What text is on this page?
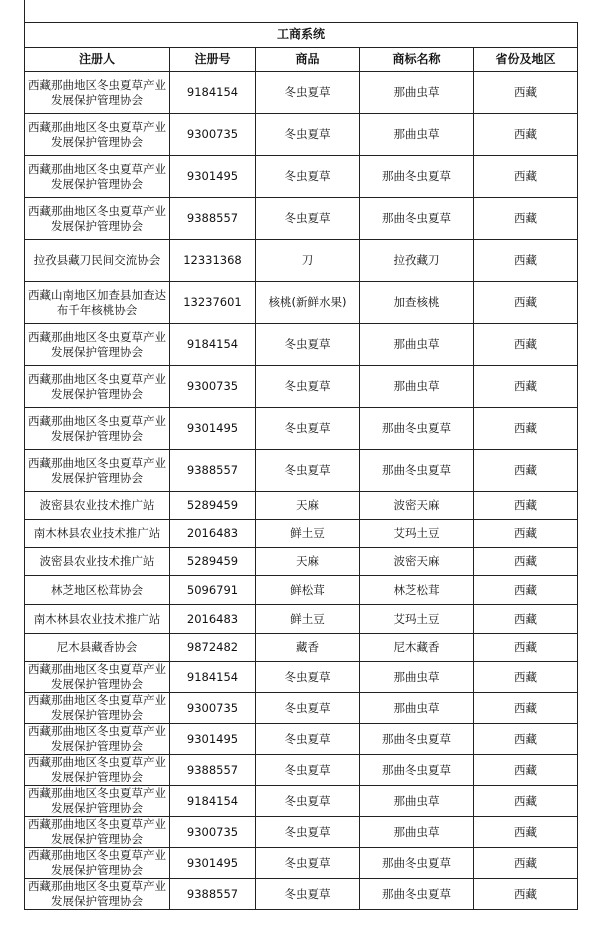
工商系统				
注册人	注册号	商品	商标名称	省份及地区
西藏那曲地区冬虫夏草产业发展保护管理协会	9184154	冬虫夏草	那曲虫草	西藏
西藏那曲地区冬虫夏草产业发展保护管理协会	9300735	冬虫夏草	那曲虫草	西藏
西藏那曲地区冬虫夏草产业发展保护管理协会	9301495	冬虫夏草	那曲冬虫夏草	西藏
西藏那曲地区冬虫夏草产业发展保护管理协会	9388557	冬虫夏草	那曲冬虫夏草	西藏
拉孜县藏刀民间交流协会	12331368	刀	拉孜藏刀	西藏
西藏山南地区加查县加查达布千年核桃协会	13237601	核桃(新鲜水果)	加查核桃	西藏
西藏那曲地区冬虫夏草产业发展保护管理协会	9184154	冬虫夏草	那曲虫草	西藏
西藏那曲地区冬虫夏草产业发展保护管理协会	9300735	冬虫夏草	那曲虫草	西藏
西藏那曲地区冬虫夏草产业发展保护管理协会	9301495	冬虫夏草	那曲冬虫夏草	西藏
西藏那曲地区冬虫夏草产业发展保护管理协会	9388557	冬虫夏草	那曲冬虫夏草	西藏
波密县农业技术推广站	5289459	天麻	波密天麻	西藏
南木林县农业技术推广站	2016483	鲜土豆	艾玛土豆	西藏
波密县农业技术推广站	5289459	天麻	波密天麻	西藏
林芝地区松茸协会	5096791	鲜松茸	林芝松茸	西藏
南木林县农业技术推广站	2016483	鲜土豆	艾玛土豆	西藏
尼木县藏香协会	9872482	藏香	尼木藏香	西藏
西藏那曲地区冬虫夏草产业发展保护管理协会	9184154	冬虫夏草	那曲虫草	西藏
西藏那曲地区冬虫夏草产业发展保护管理协会	9300735	冬虫夏草	那曲虫草	西藏
西藏那曲地区冬虫夏草产业发展保护管理协会	9301495	冬虫夏草	那曲冬虫夏草	西藏
西藏那曲地区冬虫夏草产业发展保护管理协会	9388557	冬虫夏草	那曲冬虫夏草	西藏
西藏那曲地区冬虫夏草产业发展保护管理协会	9184154	冬虫夏草	那曲虫草	西藏
西藏那曲地区冬虫夏草产业发展保护管理协会	9300735	冬虫夏草	那曲虫草	西藏
西藏那曲地区冬虫夏草产业发展保护管理协会	9301495	冬虫夏草	那曲冬虫夏草	西藏
西藏那曲地区冬虫夏草产业发展保护管理协会	9388557	冬虫夏草	那曲冬虫夏草	西藏
